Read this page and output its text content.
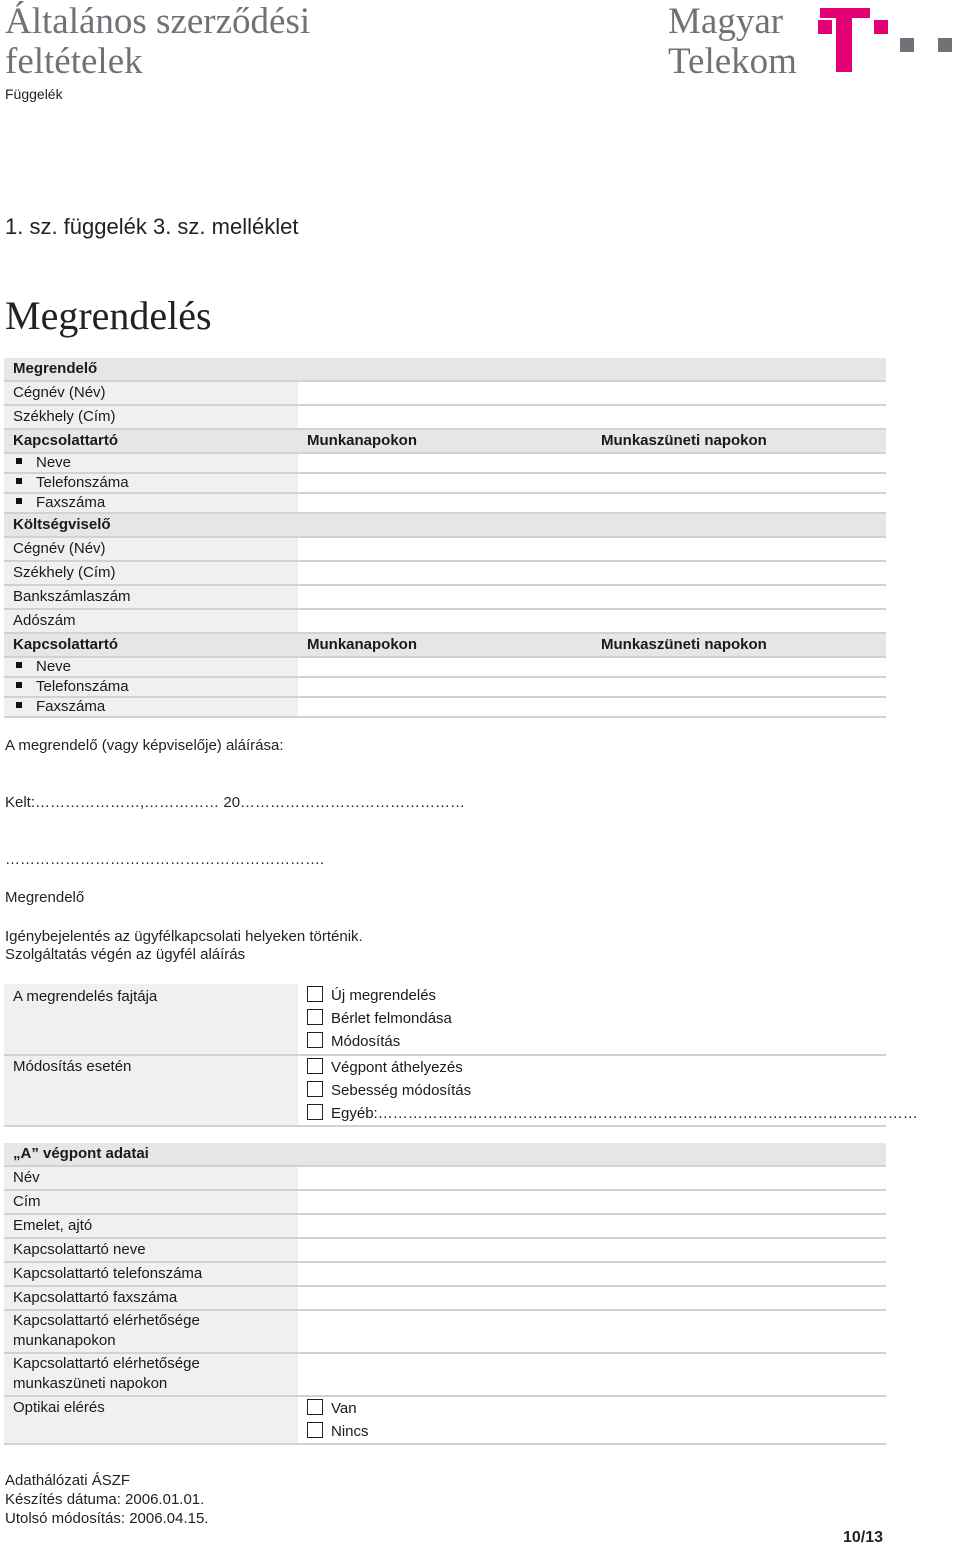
Általános szerződési
feltételek
Függelék
Magyar
Telekom
1. sz. függelék 3. sz. melléklet
Megrendelés
Megrendelő		
Cégnév (Név)		
Székhely (Cím)		
Kapcsolattartó	Munkanapokon	Munkaszüneti napokon
Neve		
Telefonszáma		
Faxszáma		
Költségviselő		
Cégnév (Név)		
Székhely (Cím)		
Bankszámlaszám		
Adószám		
Kapcsolattartó	Munkanapokon	Munkaszüneti napokon
Neve		
Telefonszáma		
Faxszáma		
A megrendelő (vagy képviselője) aláírása:
Kelt:…………………,…………… 20………………………………………
……………………………………………………….
Megrendelő
Igénybejelentés az ügyfélkapcsolati helyeken történik.
Szolgáltatás végén az ügyfél aláírás
A megrendelés fajtája	Új megrendelés
Bérlet felmondása
Módosítás

Módosítás esetén	Végpont áthelyezés
Sebesség módosítás
Egyéb:………………………………………………………………………………………………
„A” végpont adatai	
Név	
Cím	
Emelet, ajtó	
Kapcsolattartó neve	
Kapcsolattartó telefonszáma	
Kapcsolattartó faxszáma	

Kapcsolattartó elérhetősége
munkanapokon	

Kapcsolattartó elérhetősége
munkaszüneti napokon	

Optikai elérés	Van
Nincs
Adathálózati ÁSZF
Készítés dátuma: 2006.01.01.
Utolsó módosítás: 2006.04.15.
10/13
